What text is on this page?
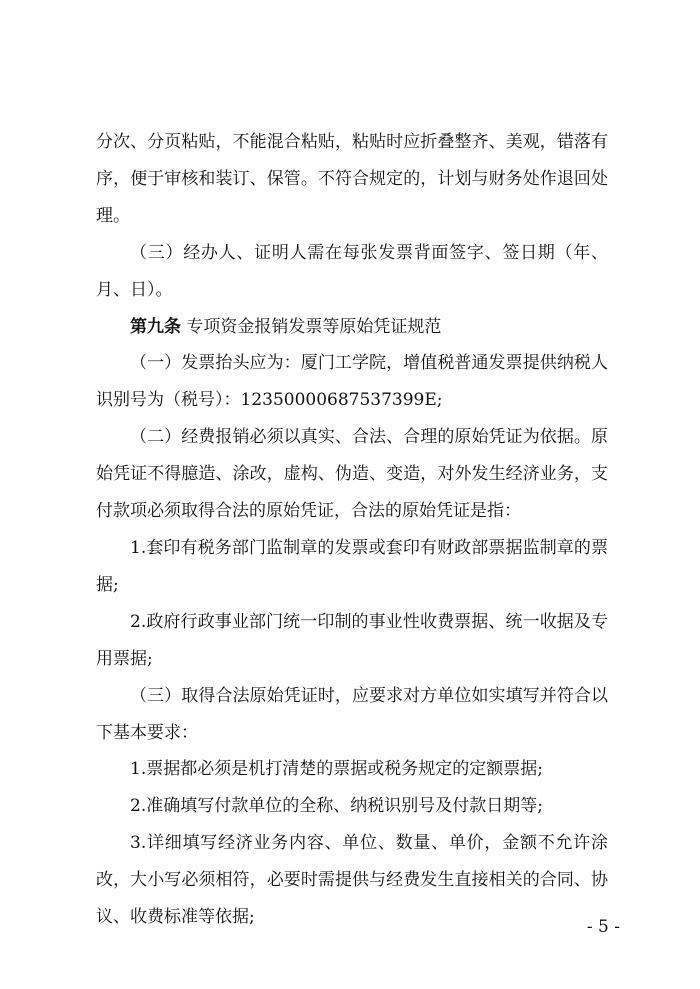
分次、分页粘贴，不能混合粘贴，粘贴时应折叠整齐、美观，错落有序，便于审核和装订、保管。不符合规定的，计划与财务处作退回处理。

（三）经办人、证明人需在每张发票背面签字、签日期（年、月、日）。

第九条 专项资金报销发票等原始凭证规范

（一）发票抬头应为：厦门工学院，增值税普通发票提供纳税人识别号为（税号）：12350000687537399E;

（二）经费报销必须以真实、合法、合理的原始凭证为依据。原始凭证不得臆造、涂改，虚构、伪造、变造，对外发生经济业务，支付款项必须取得合法的原始凭证，合法的原始凭证是指：

1.套印有税务部门监制章的发票或套印有财政部票据监制章的票据;

2.政府行政事业部门统一印制的事业性收费票据、统一收据及专用票据;

（三）取得合法原始凭证时，应要求对方单位如实填写并符合以下基本要求：

1.票据都必须是机打清楚的票据或税务规定的定额票据;

2.准确填写付款单位的全称、纳税识别号及付款日期等;

3.详细填写经济业务内容、单位、数量、单价，金额不允许涂改，大小写必须相符，必要时需提供与经费发生直接相关的合同、协议、收费标准等依据;	- 5 -
